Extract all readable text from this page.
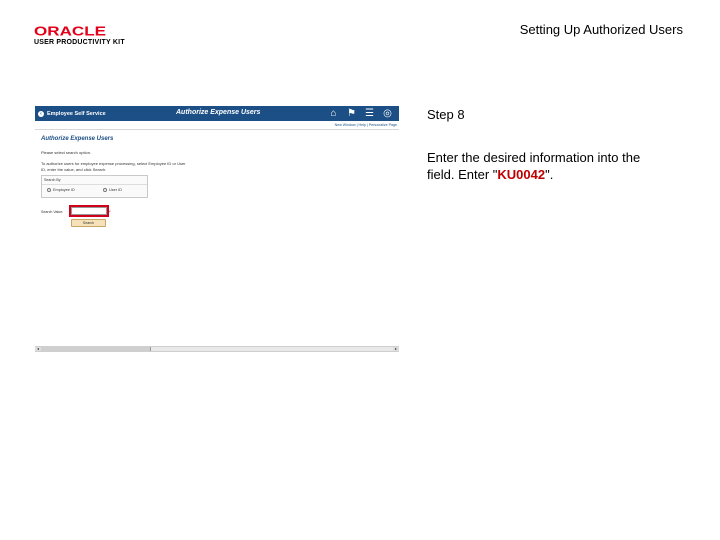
ORACLE
USER PRODUCTIVITY KIT
Setting Up Authorized Users
‹ Employee Self Service	Authorize Expense Users	⌂ ⚑ ☰ ◎
New Window | Help | Personalize Page
Authorize Expense Users
Please select search option.
To authorize users for employee expense processing, select Employee ID or User ID, enter the value, and click Search.
Search By
Employee ID	User ID
Search Value:	ᵠ
Search
◂	▸
Step 8
Enter the desired information into the field. Enter "KU0042".
